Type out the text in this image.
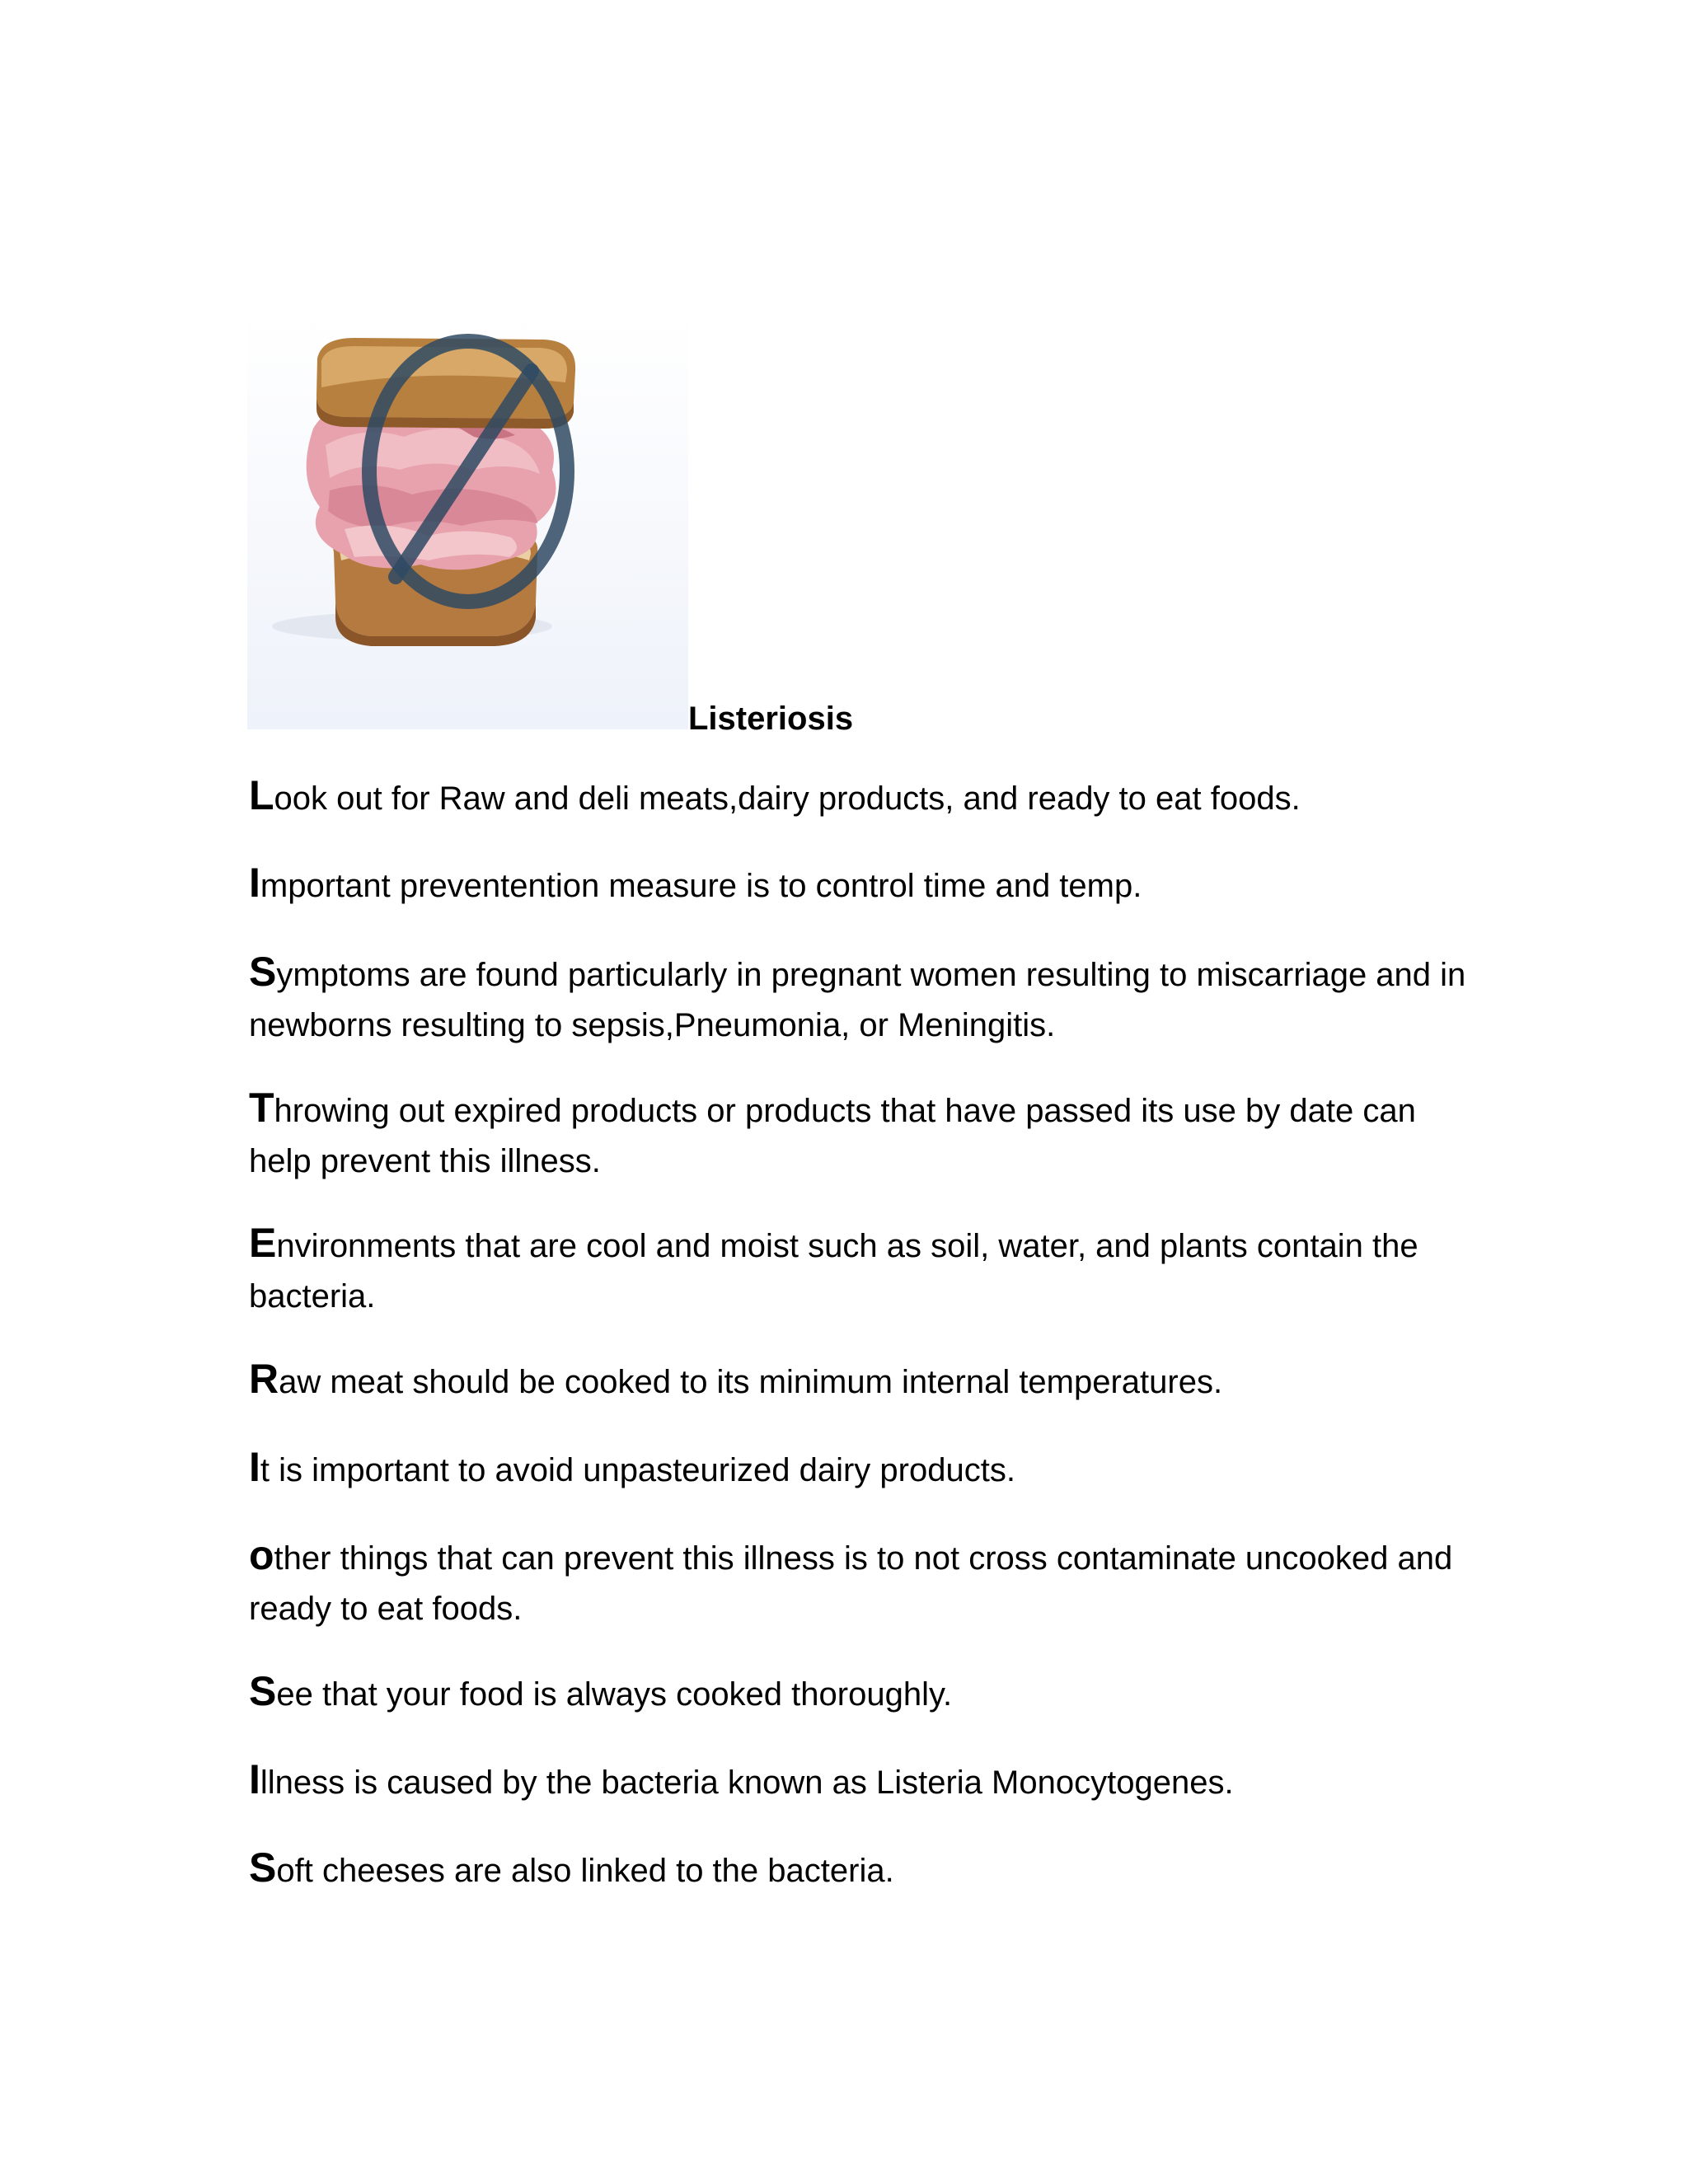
Listeriosis
Look out for Raw and deli meats,dairy products, and ready to eat foods.
Important preventention measure is to control time and temp.
Symptoms are found particularly in pregnant women resulting to miscarriage and in newborns resulting to sepsis,Pneumonia, or Meningitis.
Throwing out expired products or products that have passed its use by date can help prevent this illness.
Environments that are cool and moist such as soil, water, and plants contain the bacteria.
Raw meat should be cooked to its minimum internal temperatures.
It is important to avoid unpasteurized dairy products.
other things that can prevent this illness is to not cross contaminate uncooked and ready to eat foods.
See that your food is always cooked thoroughly.
Illness is caused by the bacteria known as Listeria Monocytogenes.
Soft cheeses are also linked to the bacteria.
